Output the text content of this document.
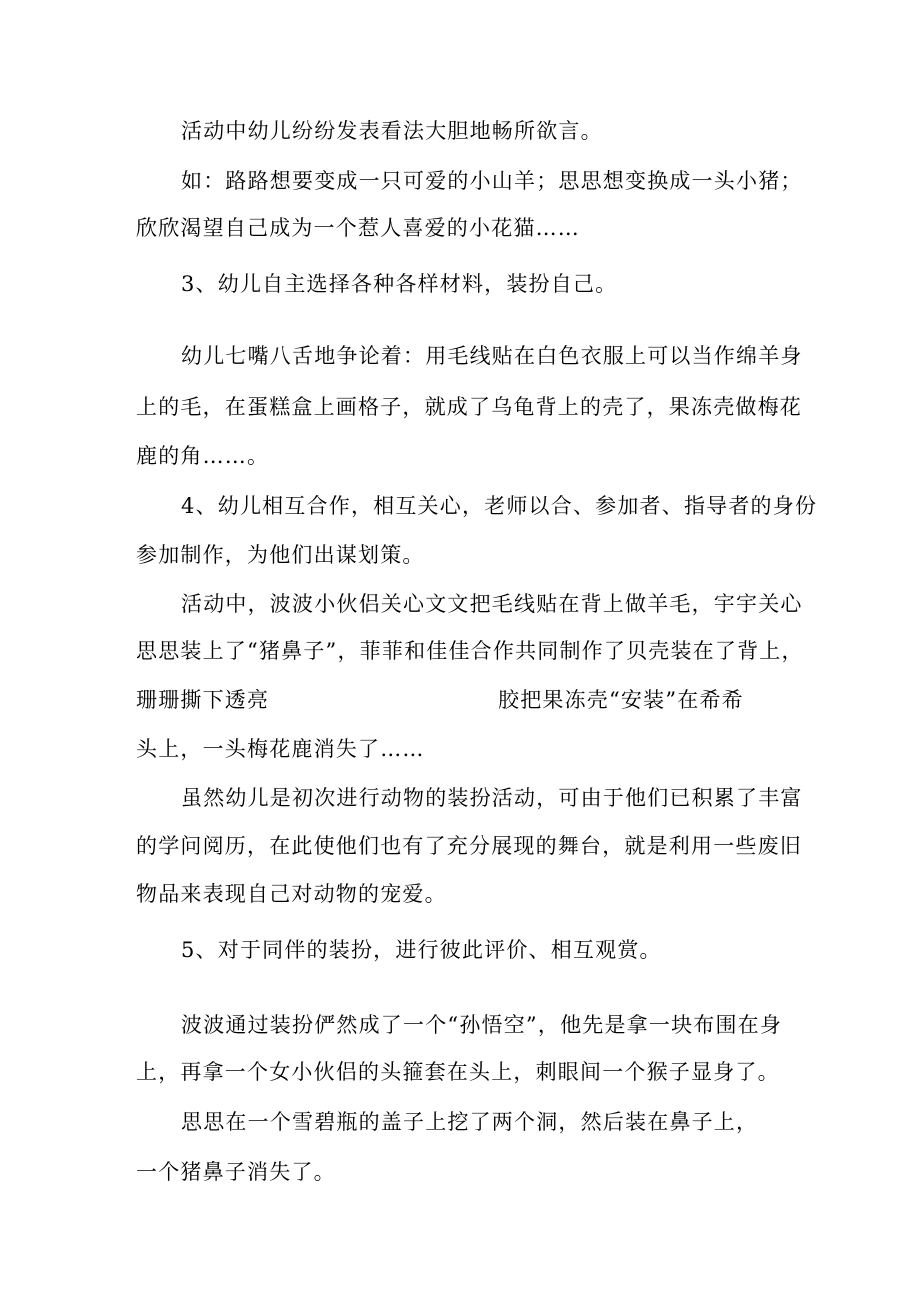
活动中幼儿纷纷发表看法大胆地畅所欲言。
如：路路想要变成一只可爱的小山羊；思思想变换成一头小猪；
欣欣渴望自己成为一个惹人喜爱的小花猫……
3、幼儿自主选择各种各样材料，装扮自己。
幼儿七嘴八舌地争论着：用毛线贴在白色衣服上可以当作绵羊身
上的毛，在蛋糕盒上画格子，就成了乌龟背上的壳了，果冻壳做梅花
鹿的角……。
4、幼儿相互合作，相互关心，老师以合、参加者、指导者的身份
参加制作，为他们出谋划策。
活动中，波波小伙侣关心文文把毛线贴在背上做羊毛，宇宇关心
思思装上了“猪鼻子”，菲菲和佳佳合作共同制作了贝壳装在了背上，
珊珊撕下透亮	胶把果冻壳“安装”在希希
头上，一头梅花鹿消失了……
虽然幼儿是初次进行动物的装扮活动，可由于他们已积累了丰富
的学问阅历，在此使他们也有了充分展现的舞台，就是利用一些废旧
物品来表现自己对动物的宠爱。
5、对于同伴的装扮，进行彼此评价、相互观赏。
波波通过装扮俨然成了一个“孙悟空”，他先是拿一块布围在身
上，再拿一个女小伙侣的头箍套在头上，刺眼间一个猴子显身了。
思思在一个雪碧瓶的盖子上挖了两个洞，然后装在鼻子上，
一个猪鼻子消失了。
